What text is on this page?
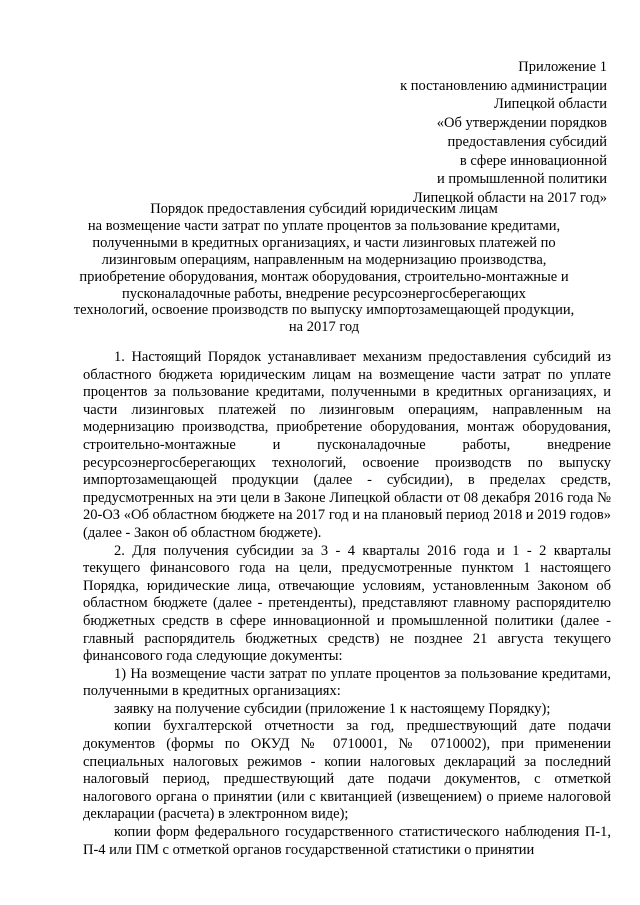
Приложение 1
к постановлению администрации
Липецкой области
«Об утверждении порядков
предоставления субсидий
в сфере инновационной
и промышленной политики
Липецкой области на 2017 год»
Порядок предоставления субсидий юридическим лицам
на возмещение части затрат по уплате процентов за пользование кредитами,
полученными в кредитных организациях, и части лизинговых платежей по
лизинговым операциям, направленным на модернизацию производства,
приобретение оборудования, монтаж оборудования, строительно-монтажные и
пусконаладочные работы, внедрение ресурсоэнергосберегающих
технологий, освоение производств по выпуску импортозамещающей продукции,
на 2017 год

1. Настоящий Порядок устанавливает механизм предоставления субсидий из областного бюджета юридическим лицам на возмещение части затрат по уплате процентов за пользование кредитами, полученными в кредитных организациях, и части лизинговых платежей по лизинговым операциям, направленным на модернизацию производства, приобретение оборудования, монтаж оборудования, строительно-монтажные и пусконаладочные работы, внедрение ресурсоэнергосберегающих технологий, освоение производств по выпуску импортозамещающей продукции (далее - субсидии), в пределах средств, предусмотренных на эти цели в Законе Липецкой области от 08 декабря 2016 года № 20-ОЗ «Об областном бюджете на 2017 год и на плановый период 2018 и 2019 годов» (далее - Закон об областном бюджете).

2. Для получения субсидии за 3 - 4 кварталы 2016 года и 1 - 2 кварталы текущего финансового года на цели, предусмотренные пунктом 1 настоящего Порядка, юридические лица, отвечающие условиям, установленным Законом об областном бюджете (далее - претенденты), представляют главному распорядителю бюджетных средств в сфере инновационной и промышленной политики (далее - главный распорядитель бюджетных средств) не позднее 21 августа текущего финансового года следующие документы:

1) На возмещение части затрат по уплате процентов за пользование кредитами, полученными в кредитных организациях:

заявку на получение субсидии (приложение 1 к настоящему Порядку);

копии бухгалтерской отчетности за год, предшествующий дате подачи документов (формы по ОКУД № 0710001, № 0710002), при применении специальных налоговых режимов - копии налоговых деклараций за последний налоговый период, предшествующий дате подачи документов, с отметкой налогового органа о принятии (или с квитанцией (извещением) о приеме налоговой декларации (расчета) в электронном виде);

копии форм федерального государственного статистического наблюдения П-1, П-4 или ПМ с отметкой органов государственной статистики о принятии
